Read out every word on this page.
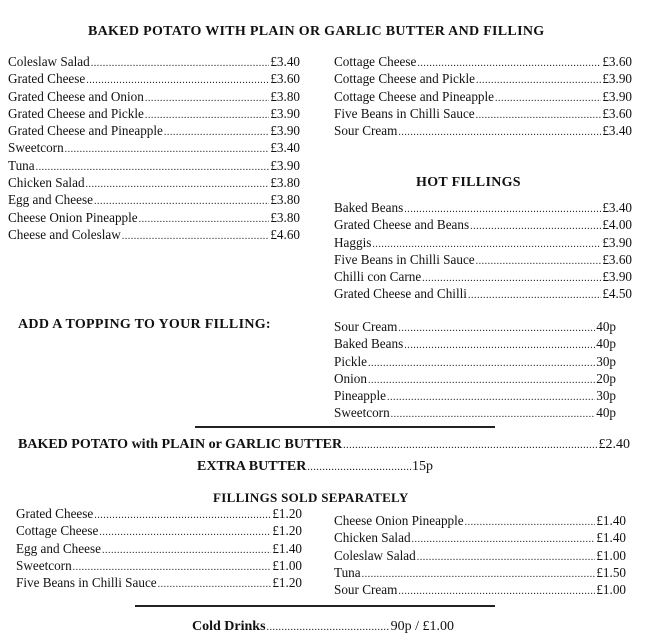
BAKED POTATO WITH PLAIN OR GARLIC BUTTER AND FILLING
Coleslaw Salad .....	£3.40
Grated Cheese .....	£3.60
Grated Cheese and Onion .....	£3.80
Grated Cheese and Pickle .....	£3.90
Grated Cheese and Pineapple .....	£3.90
Sweetcorn .....	£3.40
Tuna .....	£3.90
Chicken Salad .....	£3.80
Egg and Cheese .....	£3.80
Cheese Onion Pineapple .....	£3.80
Cheese and Coleslaw .....	£4.60
Cottage Cheese .....	£3.60
Cottage Cheese and Pickle .....	£3.90
Cottage Cheese and Pineapple .....	£3.90
Five Beans in Chilli Sauce .....	£3.60
Sour Cream .....	£3.40
HOT FILLINGS
Baked Beans .....	£3.40
Grated Cheese and Beans .....	£4.00
Haggis .....	£3.90
Five Beans in Chilli Sauce .....	£3.60
Chilli con Carne .....	£3.90
Grated Cheese and Chilli .....	£4.50
ADD A TOPPING TO YOUR FILLING:	Sour Cream .....	40p
Baked Beans .....	40p
Pickle .....	30p
Onion .....	20p
Pineapple .....	30p
Sweetcorn .....	40p
BAKED POTATO with PLAIN or GARLIC BUTTER .....	£2.40
EXTRA BUTTER .....	15p
FILLINGS SOLD SEPARATELY
Grated Cheese .....	£1.20
Cottage Cheese .....	£1.20
Egg and Cheese .....	£1.40
Sweetcorn .....	£1.00
Five Beans in Chilli Sauce .....	£1.20
Cheese Onion Pineapple .....	£1.40
Chicken Salad .....	£1.40
Coleslaw Salad .....	£1.00
Tuna .....	£1.50
Sour Cream .....	£1.00
Cold Drinks .....	90p / £1.00
